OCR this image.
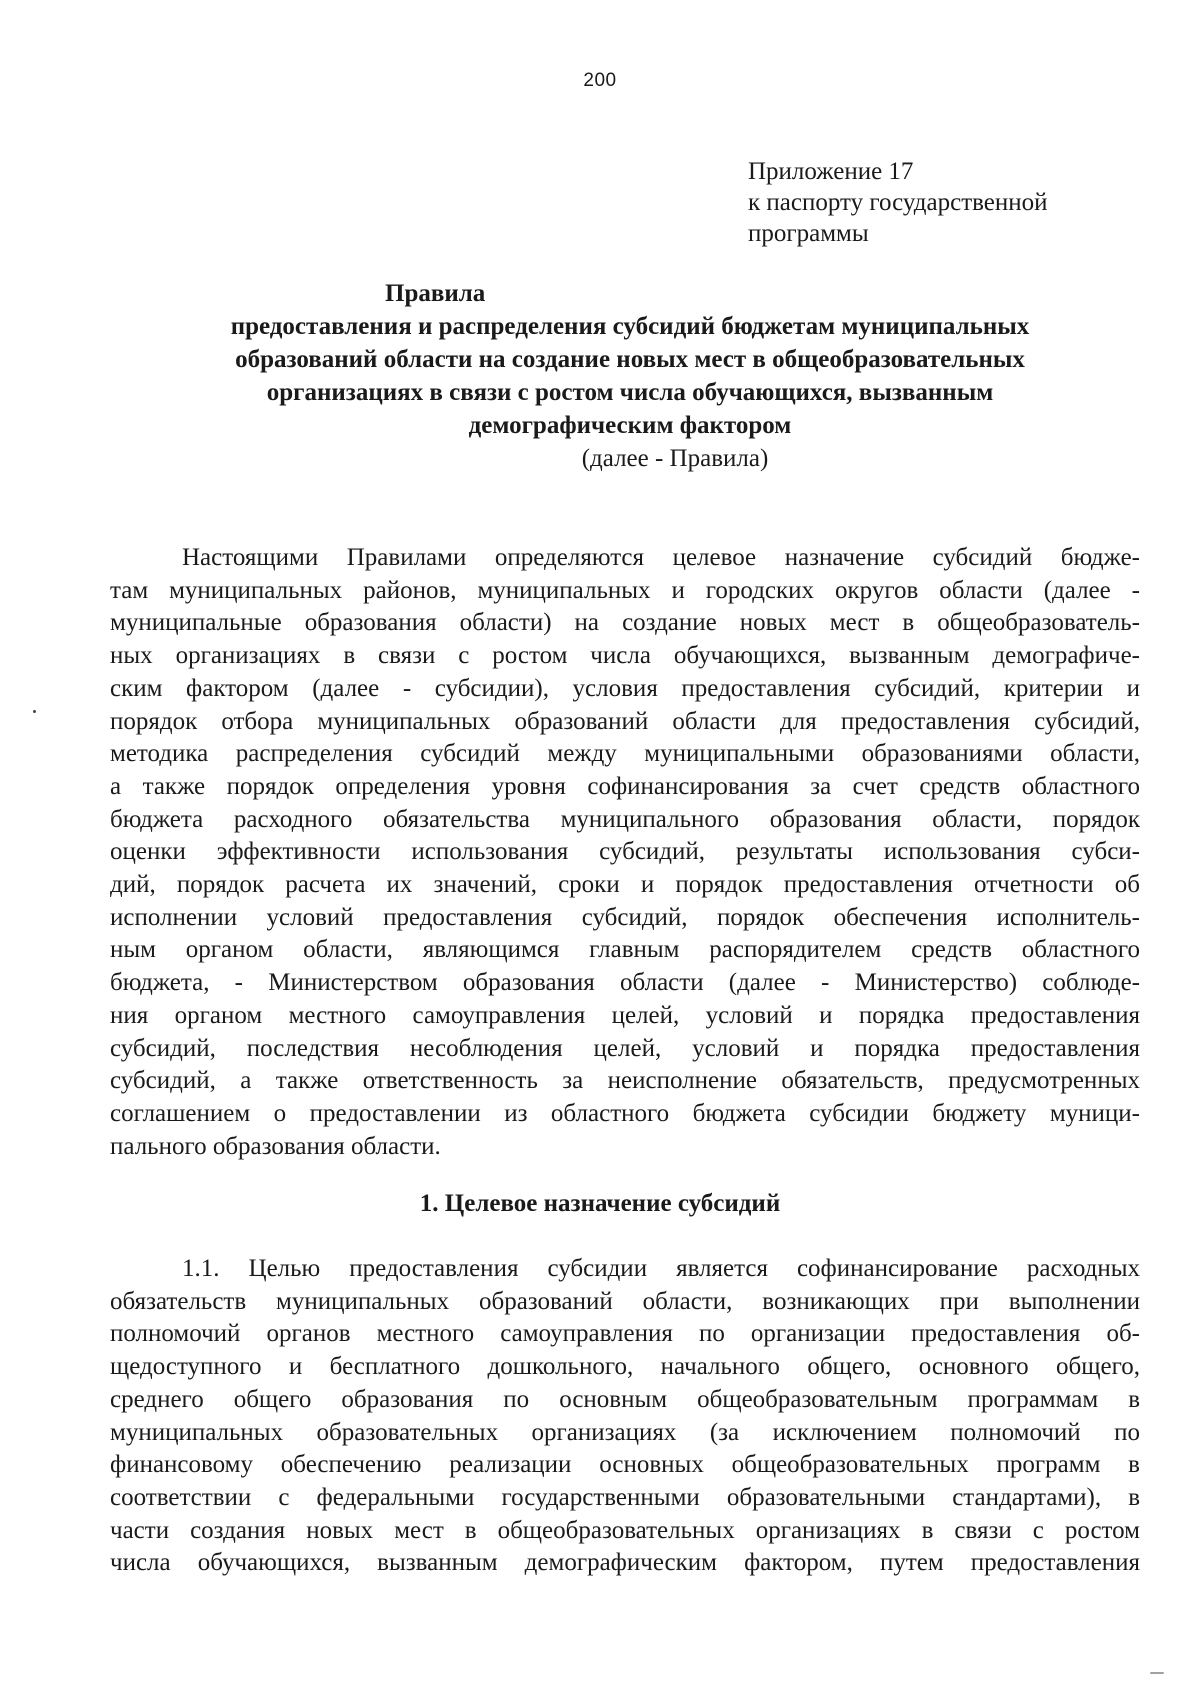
200
Приложение 17
к паспорту государственной
программы
Правила
предоставления и распределения субсидий бюджетам муниципальных
образований области на создание новых мест в общеобразовательных
организациях в связи с ростом числа обучающихся, вызванным
демографическим фактором
(далее - Правила)
Настоящими Правилами определяются целевое назначение субсидий бюдже-
там муниципальных районов, муниципальных и городских округов области (далее -
муниципальные образования области) на создание новых мест в общеобразователь-
ных организациях в связи с ростом числа обучающихся, вызванным демографиче-
ским фактором (далее - субсидии), условия предоставления субсидий, критерии и
порядок отбора муниципальных образований области для предоставления субсидий,
методика распределения субсидий между муниципальными образованиями области,
а также порядок определения уровня софинансирования за счет средств областного
бюджета расходного обязательства муниципального образования области, порядок
оценки эффективности использования субсидий, результаты использования субси-
дий, порядок расчета их значений, сроки и порядок предоставления отчетности об
исполнении условий предоставления субсидий, порядок обеспечения исполнитель-
ным органом области, являющимся главным распорядителем средств областного
бюджета, - Министерством образования области (далее - Министерство) соблюде-
ния органом местного самоуправления целей, условий и порядка предоставления
субсидий, последствия несоблюдения целей, условий и порядка предоставления
субсидий, а также ответственность за неисполнение обязательств, предусмотренных
соглашением о предоставлении из областного бюджета субсидии бюджету муници-
пального образования области.
1. Целевое назначение субсидий
1.1. Целью предоставления субсидии является софинансирование расходных
обязательств муниципальных образований области, возникающих при выполнении
полномочий органов местного самоуправления по организации предоставления об-
щедоступного и бесплатного дошкольного, начального общего, основного общего,
среднего общего образования по основным общеобразовательным программам в
муниципальных образовательных организациях (за исключением полномочий по
финансовому обеспечению реализации основных общеобразовательных программ в
соответствии с федеральными государственными образовательными стандартами), в
части создания новых мест в общеобразовательных организациях в связи с ростом
числа обучающихся, вызванным демографическим фактором, путем предоставления
